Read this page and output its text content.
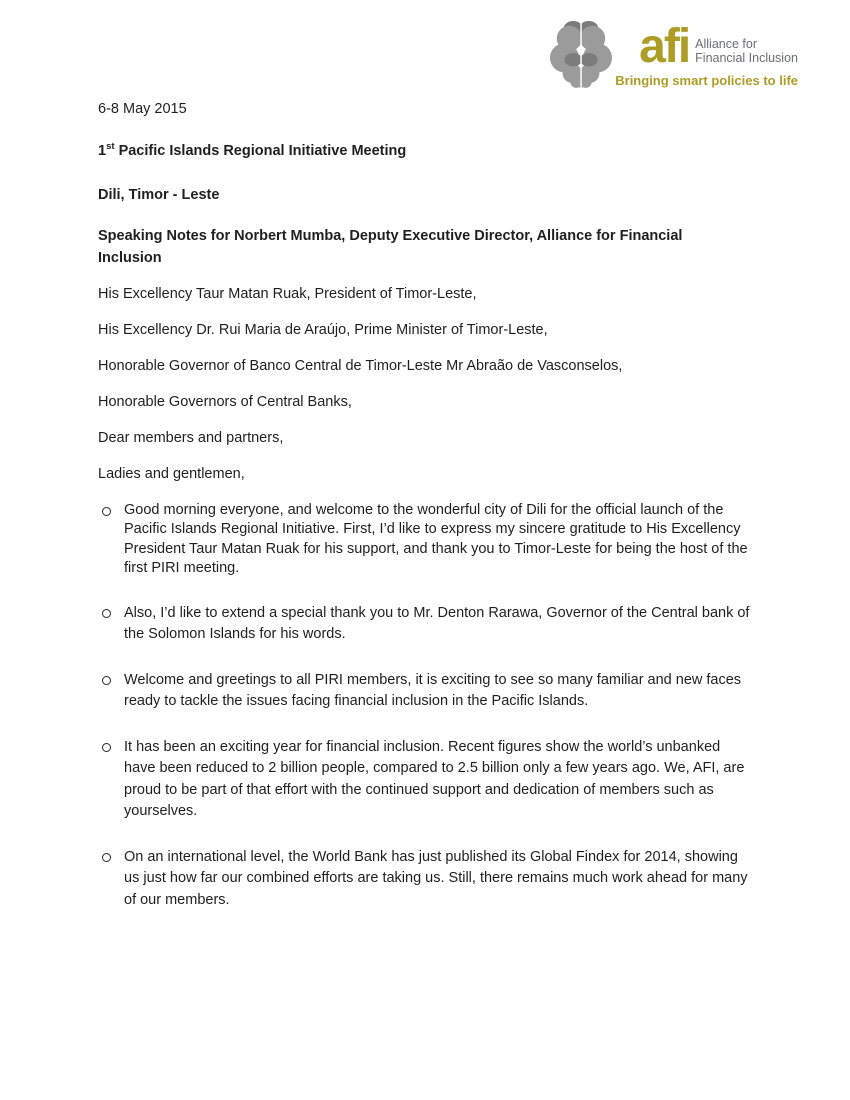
afi Alliance for
Financial Inclusion
Bringing smart policies to life

6-8 May 2015

1st Pacific Islands Regional Initiative Meeting

Dili, Timor - Leste

Speaking Notes for Norbert Mumba, Deputy Executive Director, Alliance for Financial Inclusion

His Excellency Taur Matan Ruak, President of Timor-Leste,

His Excellency Dr. Rui Maria de Araújo, Prime Minister of Timor-Leste,

Honorable Governor of Banco Central de Timor-Leste Mr Abraão de Vasconselos,

Honorable Governors of Central Banks,

Dear members and partners,

Ladies and gentlemen,

Good morning everyone, and welcome to the wonderful city of Dili for the official launch of the Pacific Islands Regional Initiative. First, I’d like to express my sincere gratitude to His Excellency President Taur Matan Ruak for his support, and thank you to Timor-Leste for being the host of the first PIRI meeting.
Also, I’d like to extend a special thank you to Mr. Denton Rarawa, Governor of the Central bank of the Solomon Islands for his words.
Welcome and greetings to all PIRI members, it is exciting to see so many familiar and new faces ready to tackle the issues facing financial inclusion in the Pacific Islands.
It has been an exciting year for financial inclusion. Recent figures show the world’s unbanked have been reduced to 2 billion people, compared to 2.5 billion only a few years ago. We, AFI, are proud to be part of that effort with the continued support and dedication of members such as yourselves.
On an international level, the World Bank has just published its Global Findex for 2014, showing us just how far our combined efforts are taking us. Still, there remains much work ahead for many of our members.
